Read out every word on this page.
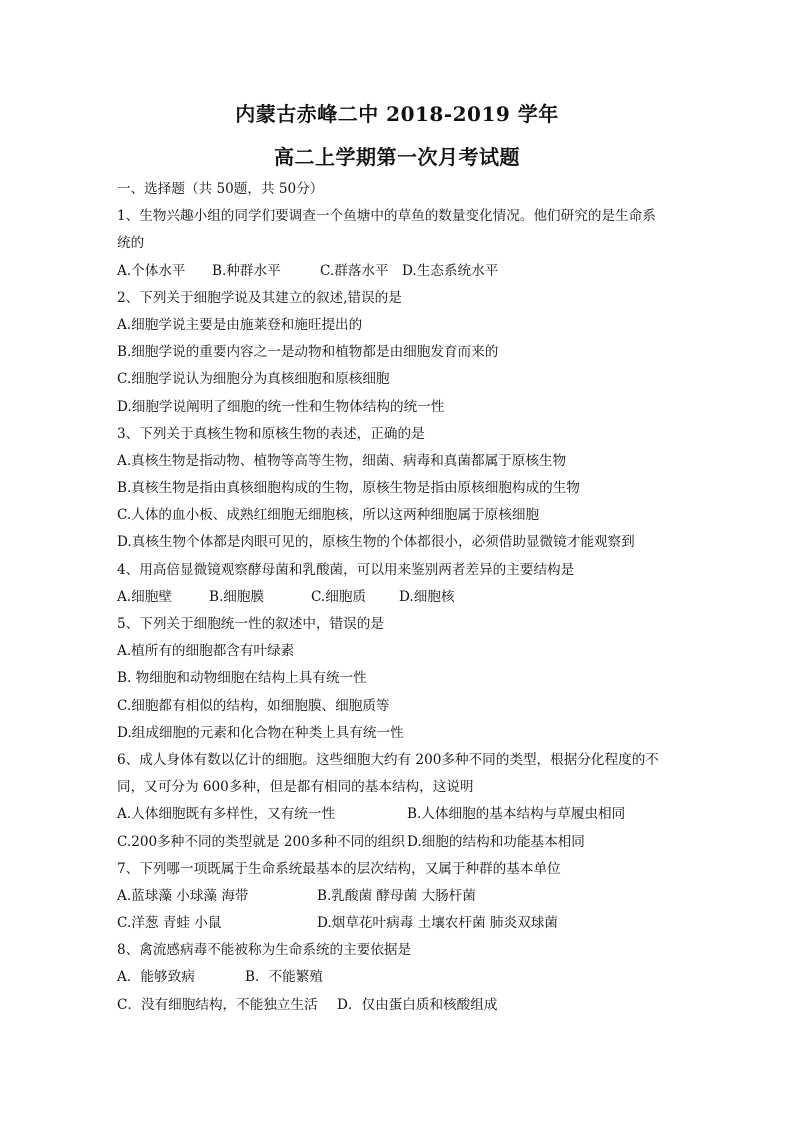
内蒙古赤峰二中 2018-2019 学年
高二上学期第一次月考试题
一、选择题（共 50题，共 50分）
1、生物兴趣小组的同学们要调查一个鱼塘中的草鱼的数量变化情况。他们研究的是生命系
统的
A.个体水平	B.种群水平	C.群落水平 D.生态系统水平
2、下列关于细胞学说及其建立的叙述,错误的是
A.细胞学说主要是由施莱登和施旺提出的
B.细胞学说的重要内容之一是动物和植物都是由细胞发育而来的
C.细胞学说认为细胞分为真核细胞和原核细胞
D.细胞学说阐明了细胞的统一性和生物体结构的统一性
3、下列关于真核生物和原核生物的表述，正确的是
A.真核生物是指动物、植物等高等生物，细菌、病毒和真菌都属于原核生物
B.真核生物是指由真核细胞构成的生物，原核生物是指由原核细胞构成的生物
C.人体的血小板、成熟红细胞无细胞核，所以这两种细胞属于原核细胞
D.真核生物个体都是肉眼可见的，原核生物的个体都很小，必须借助显微镜才能观察到
4、用高倍显微镜观察酵母菌和乳酸菌，可以用来鉴别两者差异的主要结构是
A.细胞壁	B.细胞膜	C.细胞质	D.细胞核
5、下列关于细胞统一性的叙述中，错误的是
A.植所有的细胞都含有叶绿素
B. 物细胞和动物细胞在结构上具有统一性
C.细胞都有相似的结构，如细胞膜、细胞质等
D.组成细胞的元素和化合物在种类上具有统一性
6、成人身体有数以亿计的细胞。这些细胞大约有 200多种不同的类型，根据分化程度的不
同，又可分为 600多种，但是都有相同的基本结构，这说明
A.人体细胞既有多样性，又有统一性	B.人体细胞的基本结构与草履虫相同
C.200多种不同的类型就是 200多种不同的组织 D.细胞的结构和功能基本相同
7、下列哪一项既属于生命系统最基本的层次结构，又属于种群的基本单位
A.蓝球藻 小球藻 海带	B.乳酸菌 酵母菌 大肠杆菌
C.洋葱 青蛙 小鼠	D.烟草花叶病毒 土壤农杆菌 肺炎双球菌
8、禽流感病毒不能被称为生命系统的主要依据是
A．能够致病	B．不能繁殖
C．没有细胞结构，不能独立生活	D．仅由蛋白质和核酸组成
